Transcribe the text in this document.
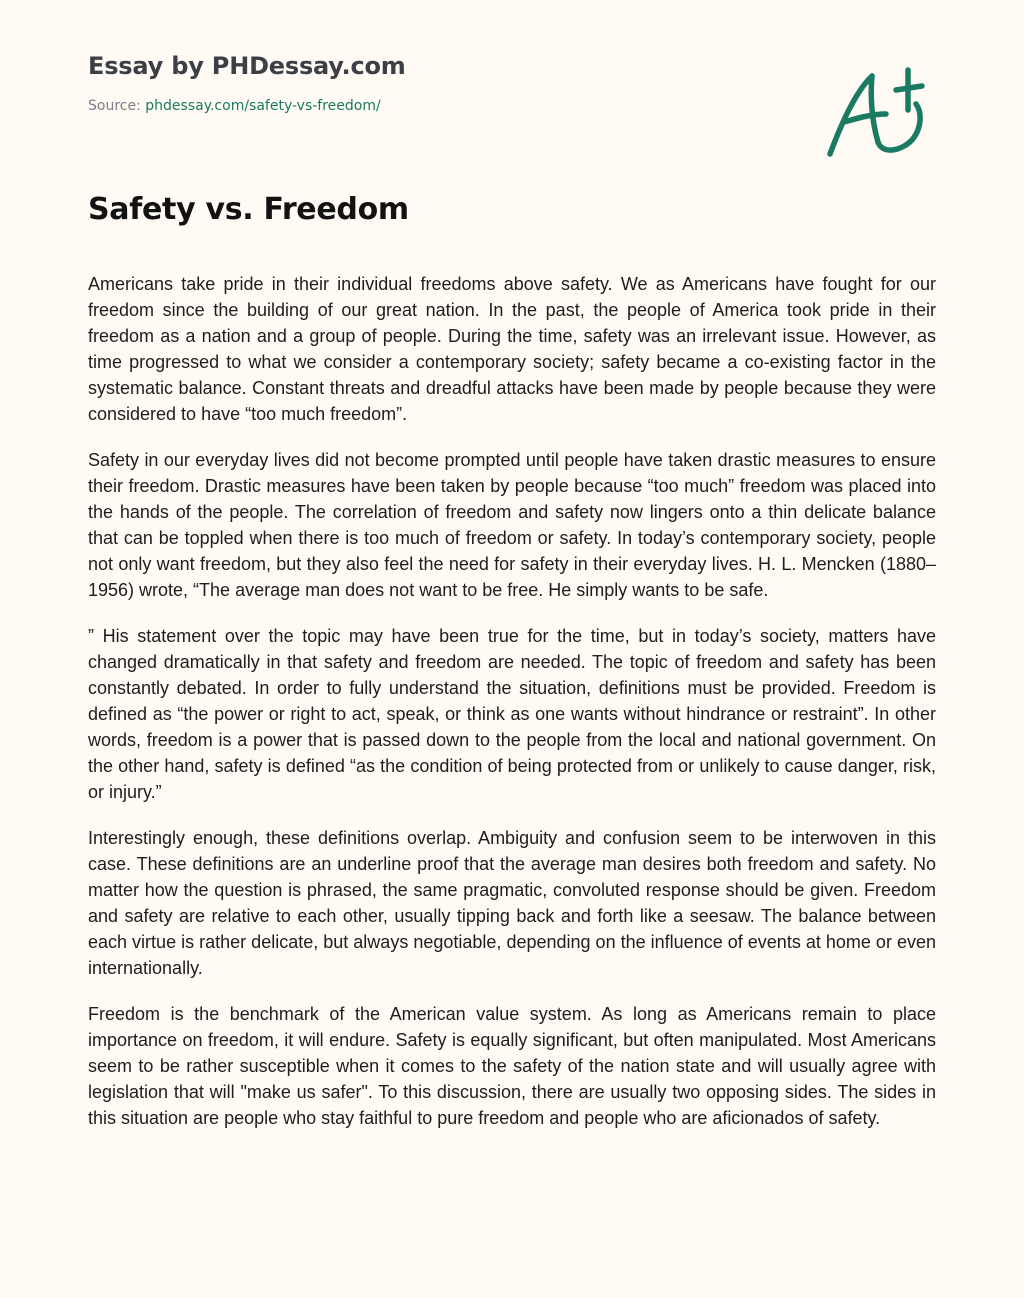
Essay by PHDessay.com
Source: phdessay.com/safety-vs-freedom/
Safety vs. Freedom

Americans take pride in their individual freedoms above safety. We as Americans have fought for our freedom since the building of our great nation. In the past, the people of America took pride in their freedom as a nation and a group of people. During the time, safety was an irrelevant issue. However, as time progressed to what we consider a contemporary society; safety became a co-existing factor in the systematic balance. Constant threats and dreadful attacks have been made by people because they were considered to have “too much freedom”.

Safety in our everyday lives did not become prompted until people have taken drastic measures to ensure their freedom. Drastic measures have been taken by people because “too much” freedom was placed into the hands of the people. The correlation of freedom and safety now lingers onto a thin delicate balance that can be toppled when there is too much of freedom or safety. In today’s contemporary society, people not only want freedom, but they also feel the need for safety in their everyday lives. H. L. Mencken (1880–1956) wrote, “The average man does not want to be free. He simply wants to be safe.

” His statement over the topic may have been true for the time, but in today’s society, matters have changed dramatically in that safety and freedom are needed. The topic of freedom and safety has been constantly debated. In order to fully understand the situation, definitions must be provided. Freedom is defined as “the power or right to act, speak, or think as one wants without hindrance or restraint”. In other words, freedom is a power that is passed down to the people from the local and national government. On the other hand, safety is defined “as the condition of being protected from or unlikely to cause danger, risk, or injury.”

Interestingly enough, these definitions overlap. Ambiguity and confusion seem to be interwoven in this case. These definitions are an underline proof that the average man desires both freedom and safety. No matter how the question is phrased, the same pragmatic, convoluted response should be given. Freedom and safety are relative to each other, usually tipping back and forth like a seesaw. The balance between each virtue is rather delicate, but always negotiable, depending on the influence of events at home or even internationally.

Freedom is the benchmark of the American value system. As long as Americans remain to place importance on freedom, it will endure. Safety is equally significant, but often manipulated. Most Americans seem to be rather susceptible when it comes to the safety of the nation state and will usually agree with legislation that will "make us safer". To this discussion, there are usually two opposing sides. The sides in this situation are people who stay faithful to pure freedom and people who are aficionados of safety.
